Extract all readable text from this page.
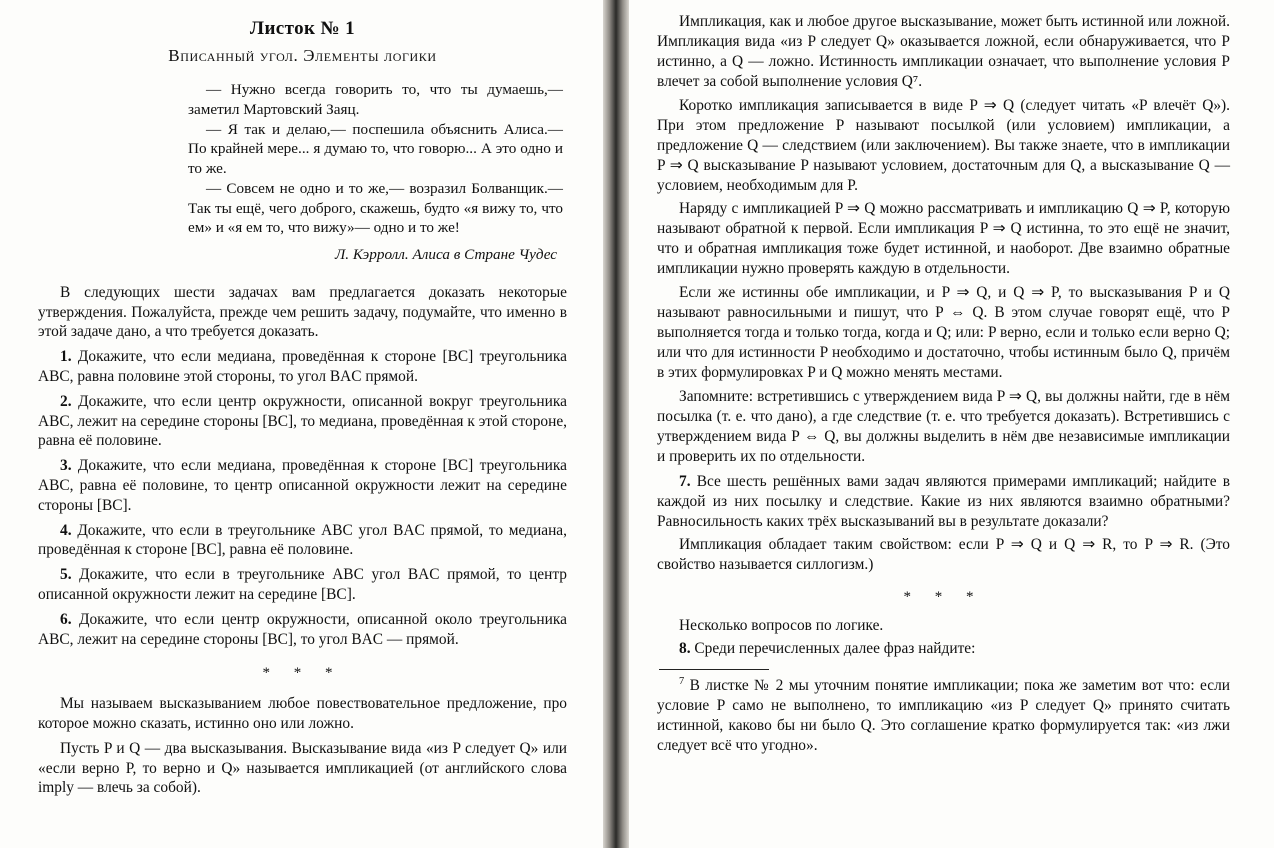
Листок № 1
Вписанный угол. Элементы логики

— Нужно всегда говорить то, что ты думаешь,— заметил Мартовский Заяц.

— Я так и делаю,— поспешила объяснить Алиса.— По крайней мере... я думаю то, что говорю... А это одно и то же.

— Совсем не одно и то же,— возразил Болванщик.— Так ты ещё, чего доброго, скажешь, будто «я вижу то, что ем» и «я ем то, что вижу»— одно и то же!

Л. Кэрролл. Алиса в Стране Чудес

В следующих шести задачах вам предлагается доказать некоторые утверждения. Пожалуйста, прежде чем решить задачу, подумайте, что именно в этой задаче дано, а что требуется доказать.

1. Докажите, что если медиана, проведённая к стороне [BC] треугольника ABC, равна половине этой стороны, то угол BAC прямой.

2. Докажите, что если центр окружности, описанной вокруг треугольника ABC, лежит на середине стороны [BC], то медиана, проведённая к этой стороне, равна её половине.

3. Докажите, что если медиана, проведённая к стороне [BC] треугольника ABC, равна её половине, то центр описанной окружности лежит на середине стороны [BC].

4. Докажите, что если в треугольнике ABC угол BAC прямой, то медиана, проведённая к стороне [BC], равна её половине.

5. Докажите, что если в треугольнике ABC угол BAC прямой, то центр описанной окружности лежит на середине [BC].

6. Докажите, что если центр окружности, описанной около треугольника ABC, лежит на середине стороны [BC], то угол BAC — прямой.

* * *

Мы называем высказыванием любое повествовательное предложение, про которое можно сказать, истинно оно или ложно.

Пусть P и Q — два высказывания. Высказывание вида «из P следует Q» или «если верно P, то верно и Q» называется импликацией (от английского слова imply — влечь за собой).

Импликация, как и любое другое высказывание, может быть истинной или ложной. Импликация вида «из P следует Q» оказывается ложной, если обнаруживается, что P истинно, а Q — ложно. Истинность импликации означает, что выполнение условия P влечет за собой выполнение условия Q⁷.

Коротко импликация записывается в виде P ⇒ Q (следует читать «P влечёт Q»). При этом предложение P называют посылкой (или условием) импликации, а предложение Q — следствием (или заключением). Вы также знаете, что в импликации P ⇒ Q высказывание P называют условием, достаточным для Q, а высказывание Q — условием, необходимым для P.

Наряду с импликацией P ⇒ Q можно рассматривать и импликацию Q ⇒ P, которую называют обратной к первой. Если импликация P ⇒ Q истинна, то это ещё не значит, что и обратная импликация тоже будет истинной, и наоборот. Две взаимно обратные импликации нужно проверять каждую в отдельности.

Если же истинны обе импликации, и P ⇒ Q, и Q ⇒ P, то высказывания P и Q называют равносильными и пишут, что P ⇔ Q. В этом случае говорят ещё, что P выполняется тогда и только тогда, когда и Q; или: P верно, если и только если верно Q; или что для истинности P необходимо и достаточно, чтобы истинным было Q, причём в этих формулировках P и Q можно менять местами.

Запомните: встретившись с утверждением вида P ⇒ Q, вы должны найти, где в нём посылка (т. е. что дано), а где следствие (т. е. что требуется доказать). Встретившись с утверждением вида P ⇔ Q, вы должны выделить в нём две независимые импликации и проверить их по отдельности.

7. Все шесть решённых вами задач являются примерами импликаций; найдите в каждой из них посылку и следствие. Какие из них являются взаимно обратными? Равносильность каких трёх высказываний вы в результате доказали?

Импликация обладает таким свойством: если P ⇒ Q и Q ⇒ R, то P ⇒ R. (Это свойство называется силлогизм.)

* * *

Несколько вопросов по логике.

8. Среди перечисленных далее фраз найдите:

$^7$ В листке № 2 мы уточним понятие импликации; пока же заметим вот что: если условие P само не выполнено, то импликацию «из P следует Q» принято считать истинной, каково бы ни было Q. Это соглашение кратко формулируется так: «из лжи следует всё что угодно».
